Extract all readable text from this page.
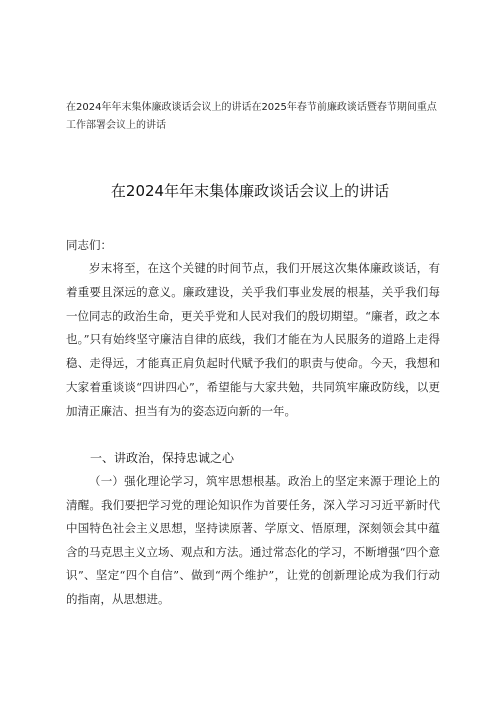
在2024年年末集体廉政谈话会议上的讲话在2025年春节前廉政谈话暨春节期间重点工作部署会议上的讲话
在2024年年末集体廉政谈话会议上的讲话
同志们：
岁末将至，在这个关键的时间节点，我们开展这次集体廉政谈话，有着重要且深远的意义。廉政建设，关乎我们事业发展的根基，关乎我们每一位同志的政治生命，更关乎党和人民对我们的殷切期望。“廉者，政之本也。”只有始终坚守廉洁自律的底线，我们才能在为人民服务的道路上走得稳、走得远，才能真正肩负起时代赋予我们的职责与使命。今天，我想和大家着重谈谈“四讲四心”，希望能与大家共勉，共同筑牢廉政防线，以更加清正廉洁、担当有为的姿态迈向新的一年。
一、讲政治，保持忠诚之心
（一）强化理论学习，筑牢思想根基。政治上的坚定来源于理论上的清醒。我们要把学习党的理论知识作为首要任务，深入学习习近平新时代中国特色社会主义思想，坚持读原著、学原文、悟原理，深刻领会其中蕴含的马克思主义立场、观点和方法。通过常态化的学习，不断增强“四个意识”、坚定“四个自信”、做到“两个维护”，让党的创新理论成为我们行动的指南，从思想进。
